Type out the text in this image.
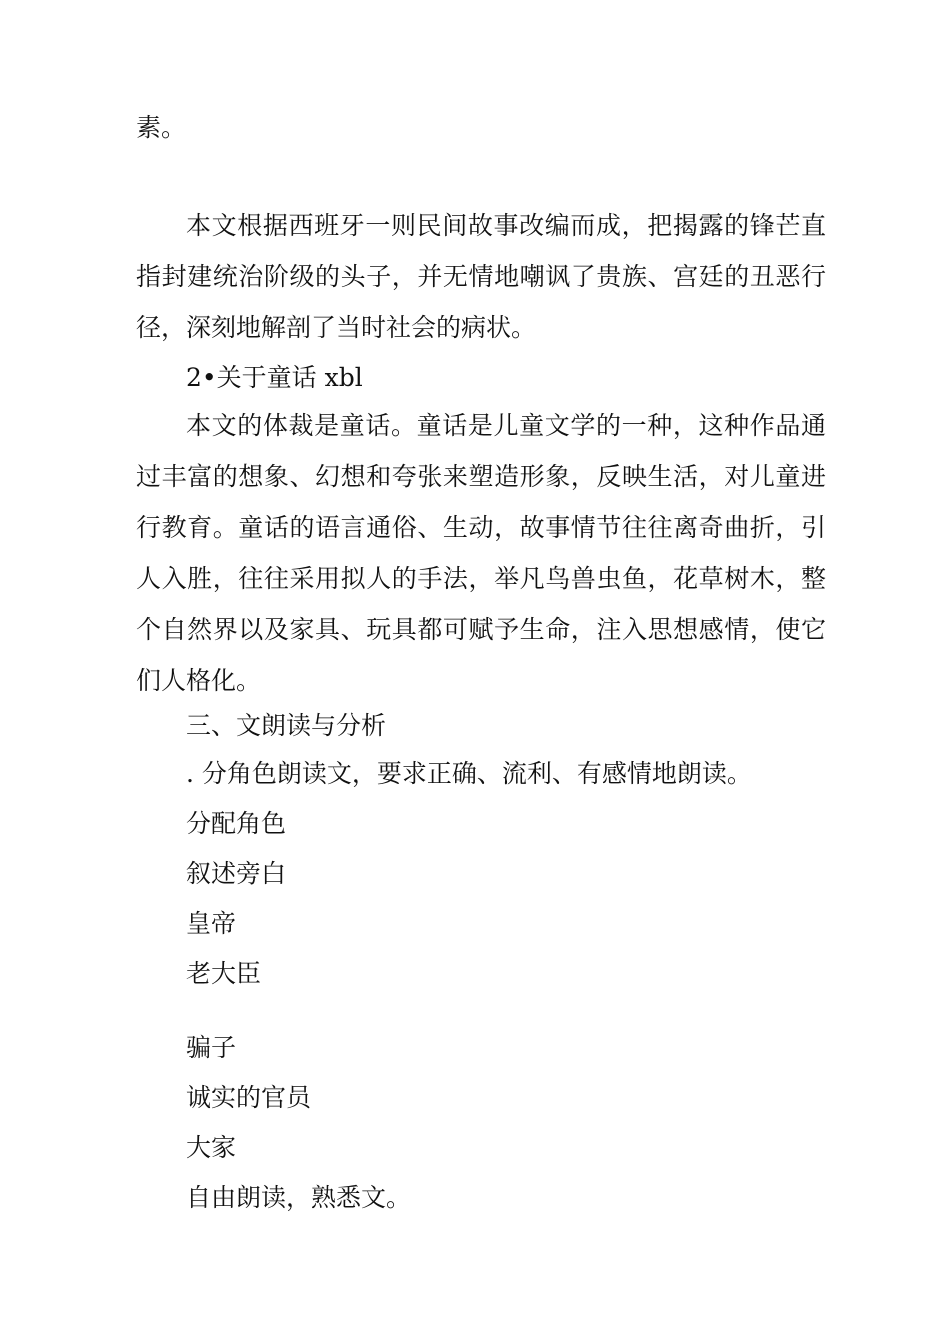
素。

本文根据西班牙一则民间故事改编而成，把揭露的锋芒直指封建统治阶级的头子，并无情地嘲讽了贵族、宫廷的丑恶行径，深刻地解剖了当时社会的病状。

2•关于童话 xbl

本文的体裁是童话。童话是儿童文学的一种，这种作品通过丰富的想象、幻想和夸张来塑造形象，反映生活，对儿童进行教育。童话的语言通俗、生动，故事情节往往离奇曲折，引人入胜，往往采用拟人的手法，举凡鸟兽虫鱼，花草树木，整个自然界以及家具、玩具都可赋予生命，注入思想感情，使它们人格化。

三、文朗读与分析
. 分角色朗读文，要求正确、流利、有感情地朗读。
分配角色
叙述旁白
皇帝
老大臣
骗子
诚实的官员
大家
自由朗读，熟悉文。
